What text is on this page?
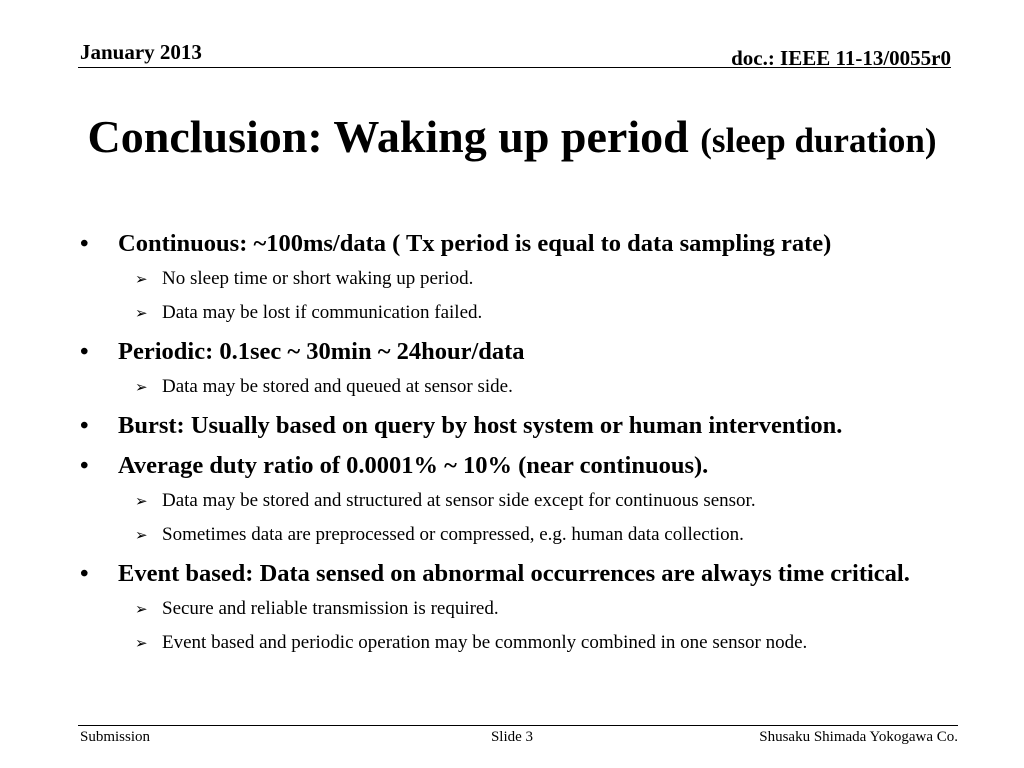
January 2013	doc.: IEEE 11-13/0055r0
Conclusion: Waking up period (sleep duration)
• Continuous: ~100ms/data ( Tx period is equal to data sampling rate)
➢ No sleep time or short waking up period.
➢ Data may be lost if communication failed.
• Periodic: 0.1sec ~ 30min ~ 24hour/data
➢ Data may be stored and queued at sensor side.
• Burst: Usually based on query by host system or human intervention.
• Average duty ratio of 0.0001% ~ 10% (near continuous).
➢ Data may be stored and structured at sensor side except for continuous sensor.
➢ Sometimes data are preprocessed or compressed, e.g. human data collection.
• Event based: Data sensed on abnormal occurrences are always time critical.
➢ Secure and reliable transmission is required.
➢ Event based and periodic operation may be commonly combined in one sensor node.
Submission	Slide 3	Shusaku Shimada Yokogawa Co.
